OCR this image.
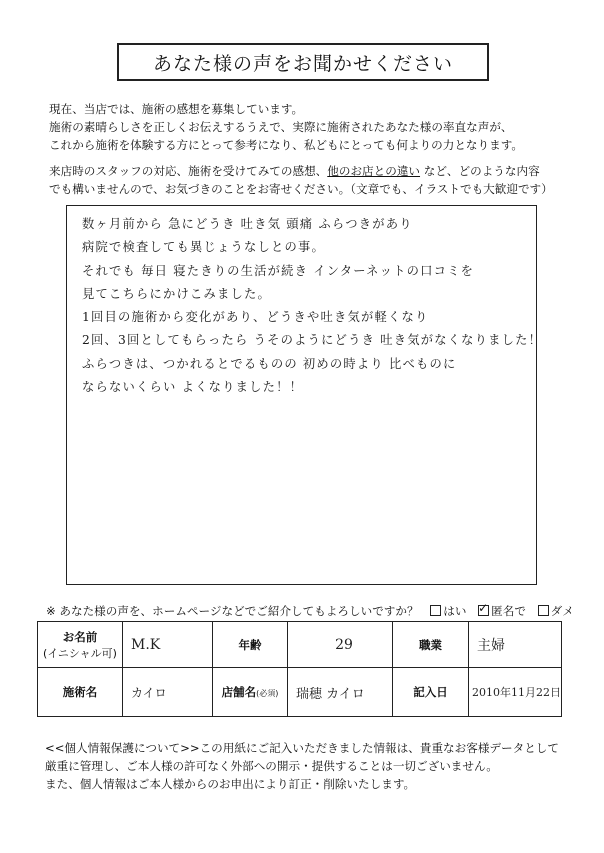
あなた様の声をお聞かせください

現在、当店では、施術の感想を募集しています。

施術の素晴らしさを正しくお伝えするうえで、実際に施術されたあなた様の率直な声が、

これから施術を体験する方にとって参考になり、私どもにとっても何よりの力となります。

来店時のスタッフの対応、施術を受けてみての感想、他のお店との違い など、どのような内容

でも構いませんので、お気づきのことをお寄せください。（文章でも、イラストでも大歓迎です）

数ヶ月前から 急にどうき 吐き気 頭痛 ふらつきがあり
病院で検査しても異じょうなしとの事。
それでも 毎日 寝たきりの生活が続き インターネットの口コミを
見てこちらにかけこみました。
1回目の施術から変化があり、どうきや吐き気が軽くなり
2回、3回としてもらったら うそのようにどうき 吐き気がなくなりました！
ふらつきは、つかれるとでるものの 初めの時より 比べものに
ならないくらい よくなりました！！
※ あなた様の声を、ホームページなどでご紹介してもよろしいですか？ はい ✓ 匿名で ダメ
お名前
(イニシャル可)	M.K	年齢	29	職業	主婦
施術名	カイロ	店舗名(必須)	瑞穂 カイロ	記入日	2010年11月22日

<<個人情報保護について>>この用紙にご記入いただきました情報は、貴重なお客様データとして

厳重に管理し、ご本人様の許可なく外部への開示・提供することは一切ございません。

また、個人情報はご本人様からのお申出により訂正・削除いたします。
